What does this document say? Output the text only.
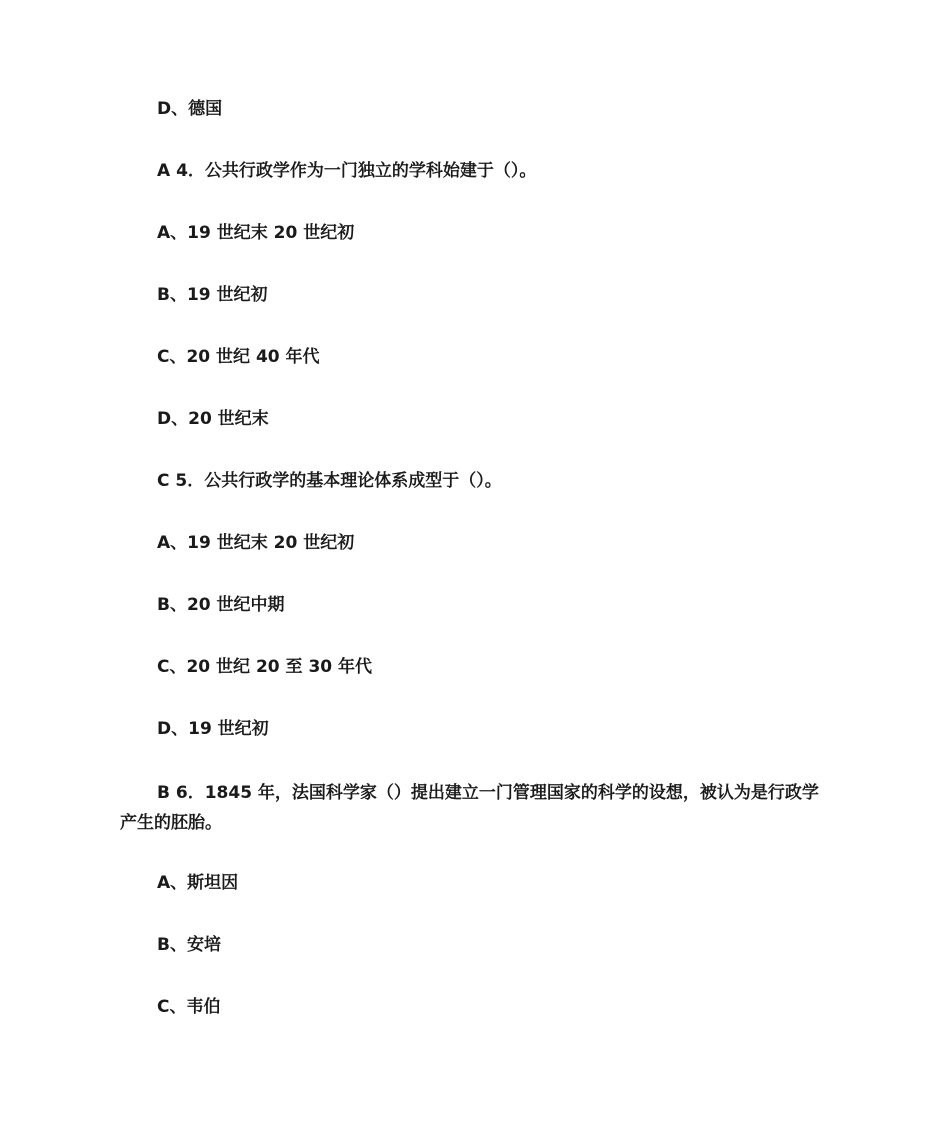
D、德国
A 4．公共行政学作为一门独立的学科始建于（）。
A、19 世纪末 20 世纪初
B、19 世纪初
C、20 世纪 40 年代
D、20 世纪末
C 5．公共行政学的基本理论体系成型于（）。
A、19 世纪末 20 世纪初
B、20 世纪中期
C、20 世纪 20 至 30 年代
D、19 世纪初
B 6．1845 年，法国科学家（）提出建立一门管理国家的科学的设想，被认为是行政学产生的胚胎。
A、斯坦因
B、安培
C、韦伯
